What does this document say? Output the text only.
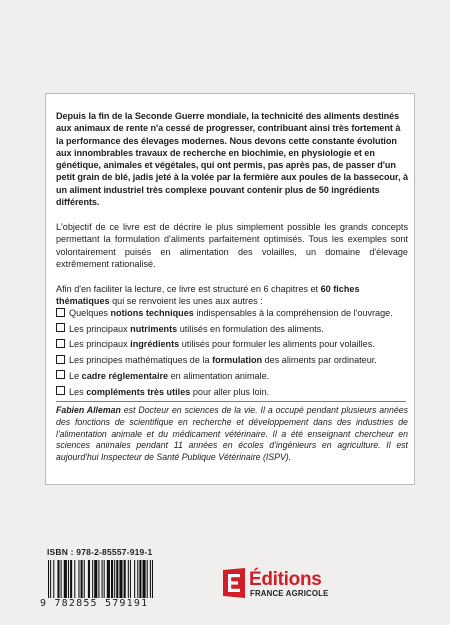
Depuis la fin de la Seconde Guerre mondiale, la technicité des aliments destinés aux animaux de rente n'a cessé de progresser, contribuant ainsi très fortement à la performance des élevages modernes. Nous devons cette constante évolution aux innombrables travaux de recherche en biochimie, en physiologie et en génétique, animales et végétales, qui ont permis, pas après pas, de passer d'un petit grain de blé, jadis jeté à la volée par la fermière aux poules de la bassecour, à un aliment industriel très complexe pouvant contenir plus de 50 ingrédients différents.

L'objectif de ce livre est de décrire le plus simplement possible les grands concepts permettant la formulation d'aliments parfaitement optimisés. Tous les exemples sont volontairement puisés en alimentation des volailles, un domaine d'élevage extrêmement rationalisé.
Afin d'en faciliter la lecture, ce livre est structuré en 6 chapitres et 60 fiches thématiques qui se renvoient les unes aux autres :
Quelques notions techniques indispensables à la compréhension de l'ouvrage.
Les principaux nutriments utilisés en formulation des aliments.
Les principaux ingrédients utilisés pour formuler les aliments pour volailles.
Les principes mathématiques de la formulation des aliments par ordinateur.
Le cadre réglementaire en alimentation animale.
Les compléments très utiles pour aller plus loin.
Fabien Alleman est Docteur en sciences de la vie. Il a occupé pendant plusieurs années des fonctions de scientifique en recherche et développement dans des industries de l'alimentation animale et du médicament vétérinaire. Il a été enseignant chercheur en sciences animales pendant 11 années en écoles d'ingénieurs en agriculture. Il est aujourd'hui Inspecteur de Santé Publique Vétérinaire (ISPV).
ISBN : 978-2-85557-919-1
9 782855 579191
Éditions
FRANCE AGRICOLE
